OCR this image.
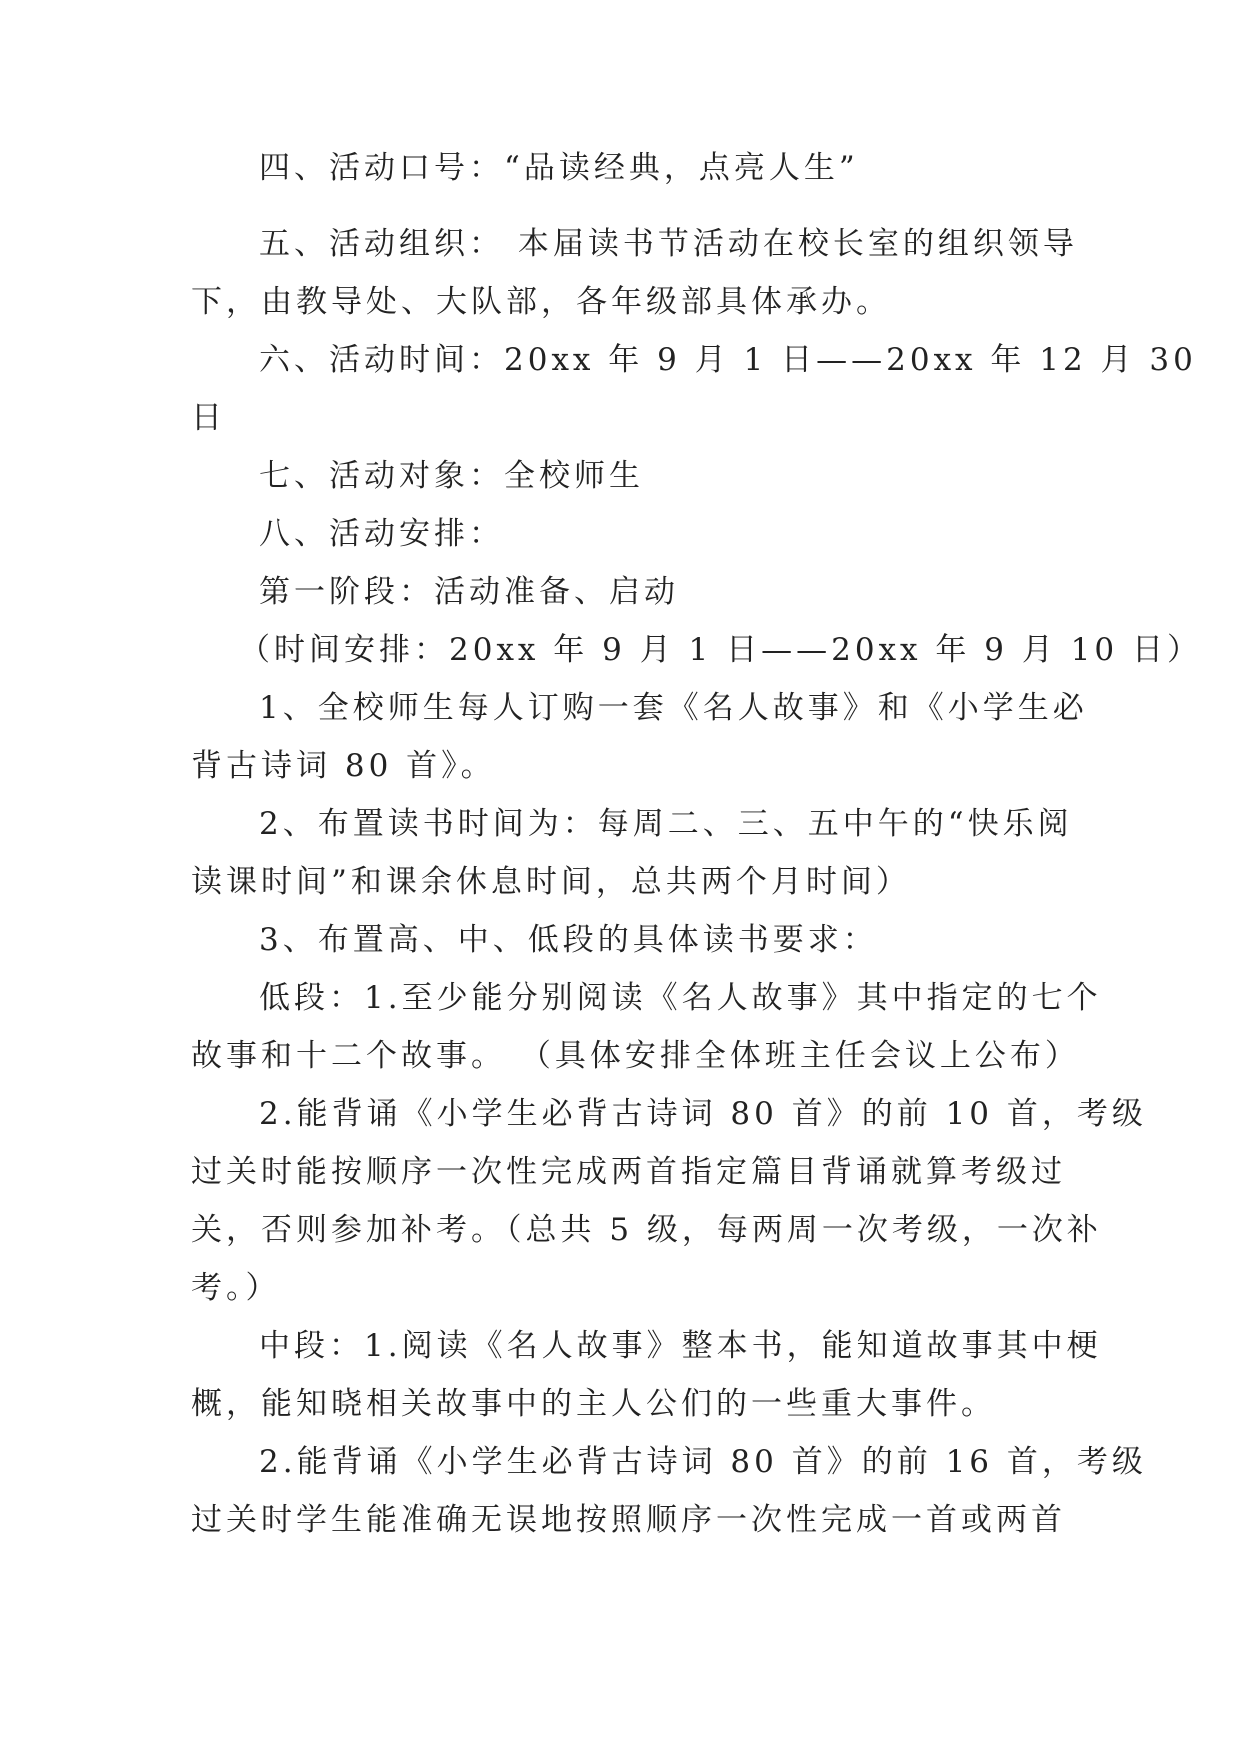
四、活动口号：“品读经典，点亮人生”
五、活动组织： 本届读书节活动在校长室的组织领导
下，由教导处、大队部，各年级部具体承办。
六、活动时间：20xx 年 9 月 1 日——20xx 年 12 月 30
日
七、活动对象：全校师生
八、活动安排：
第一阶段：活动准备、启动
（时间安排：20xx 年 9 月 1 日——20xx 年 9 月 10 日）
1、全校师生每人订购一套《名人故事》和《小学生必
背古诗词 80 首》。
2、布置读书时间为：每周二、三、五中午的“快乐阅
读课时间”和课余休息时间，总共两个月时间）
3、布置高、中、低段的具体读书要求：
低段：1.至少能分别阅读《名人故事》其中指定的七个
故事和十二个故事。 （具体安排全体班主任会议上公布）
2.能背诵《小学生必背古诗词 80 首》的前 10 首，考级
过关时能按顺序一次性完成两首指定篇目背诵就算考级过
关，否则参加补考。（总共 5 级，每两周一次考级，一次补
考。）
中段：1.阅读《名人故事》整本书，能知道故事其中梗
概，能知晓相关故事中的主人公们的一些重大事件。
2.能背诵《小学生必背古诗词 80 首》的前 16 首，考级
过关时学生能准确无误地按照顺序一次性完成一首或两首
